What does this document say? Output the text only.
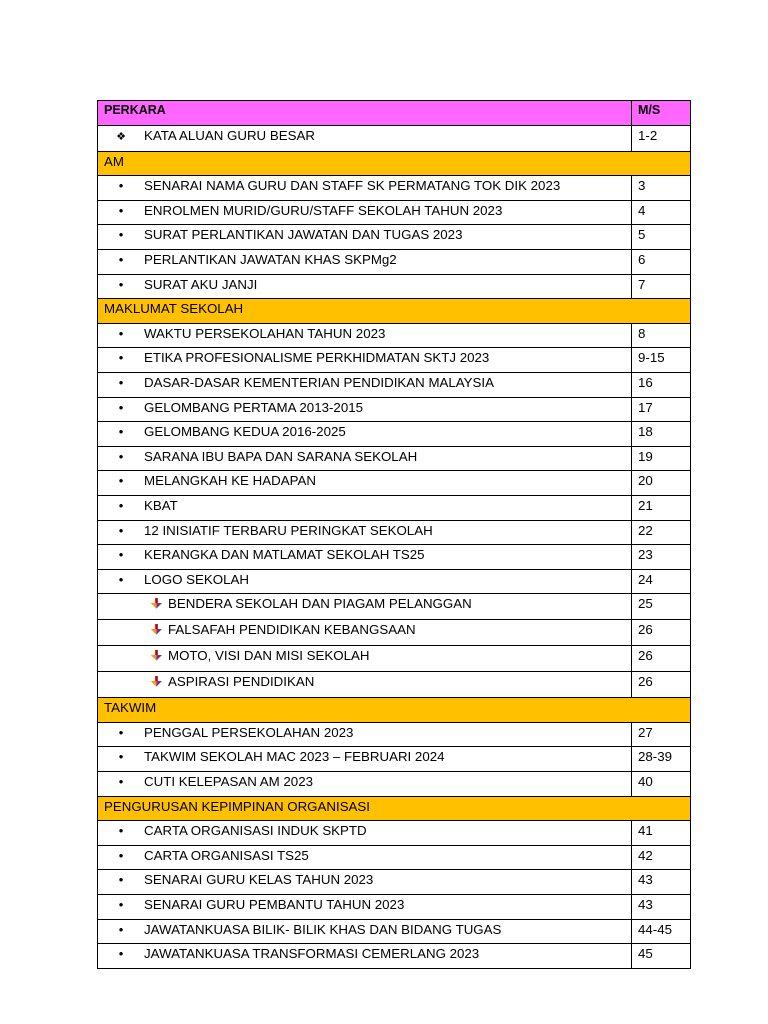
PERKARA	M/S
❖ KATA ALUAN GURU BESAR	1-2
AM	
• SENARAI NAMA GURU DAN STAFF SK PERMATANG TOK DIK 2023	3
• ENROLMEN MURID/GURU/STAFF SEKOLAH TAHUN 2023	4
• SURAT PERLANTIKAN JAWATAN DAN TUGAS 2023	5
• PERLANTIKAN JAWATAN KHAS SKPMg2	6
• SURAT AKU JANJI	7
MAKLUMAT SEKOLAH	
• WAKTU PERSEKOLAHAN TAHUN 2023	8
• ETIKA PROFESIONALISME PERKHIDMATAN SKTJ 2023	9-15
• DASAR-DASAR KEMENTERIAN PENDIDIKAN MALAYSIA	16
• GELOMBANG PERTAMA 2013-2015	17
• GELOMBANG KEDUA 2016-2025	18
• SARANA IBU BAPA DAN SARANA SEKOLAH	19
• MELANGKAH KE HADAPAN	20
• KBAT	21
• 12 INISIATIF TERBARU PERINGKAT SEKOLAH	22
• KERANGKA DAN MATLAMAT SEKOLAH TS25	23
• LOGO SEKOLAH	24
BENDERA SEKOLAH DAN PIAGAM PELANGGAN	25
FALSAFAH PENDIDIKAN KEBANGSAAN	26
MOTO, VISI DAN MISI SEKOLAH	26
ASPIRASI PENDIDIKAN	26
TAKWIM	
• PENGGAL PERSEKOLAHAN 2023	27
• TAKWIM SEKOLAH MAC 2023 – FEBRUARI 2024	28-39
• CUTI KELEPASAN AM 2023	40
PENGURUSAN KEPIMPINAN ORGANISASI	
• CARTA ORGANISASI INDUK SKPTD	41
• CARTA ORGANISASI TS25	42
• SENARAI GURU KELAS TAHUN 2023	43
• SENARAI GURU PEMBANTU TAHUN 2023	43
• JAWATANKUASA BILIK- BILIK KHAS DAN BIDANG TUGAS	44-45
• JAWATANKUASA TRANSFORMASI CEMERLANG 2023	45
